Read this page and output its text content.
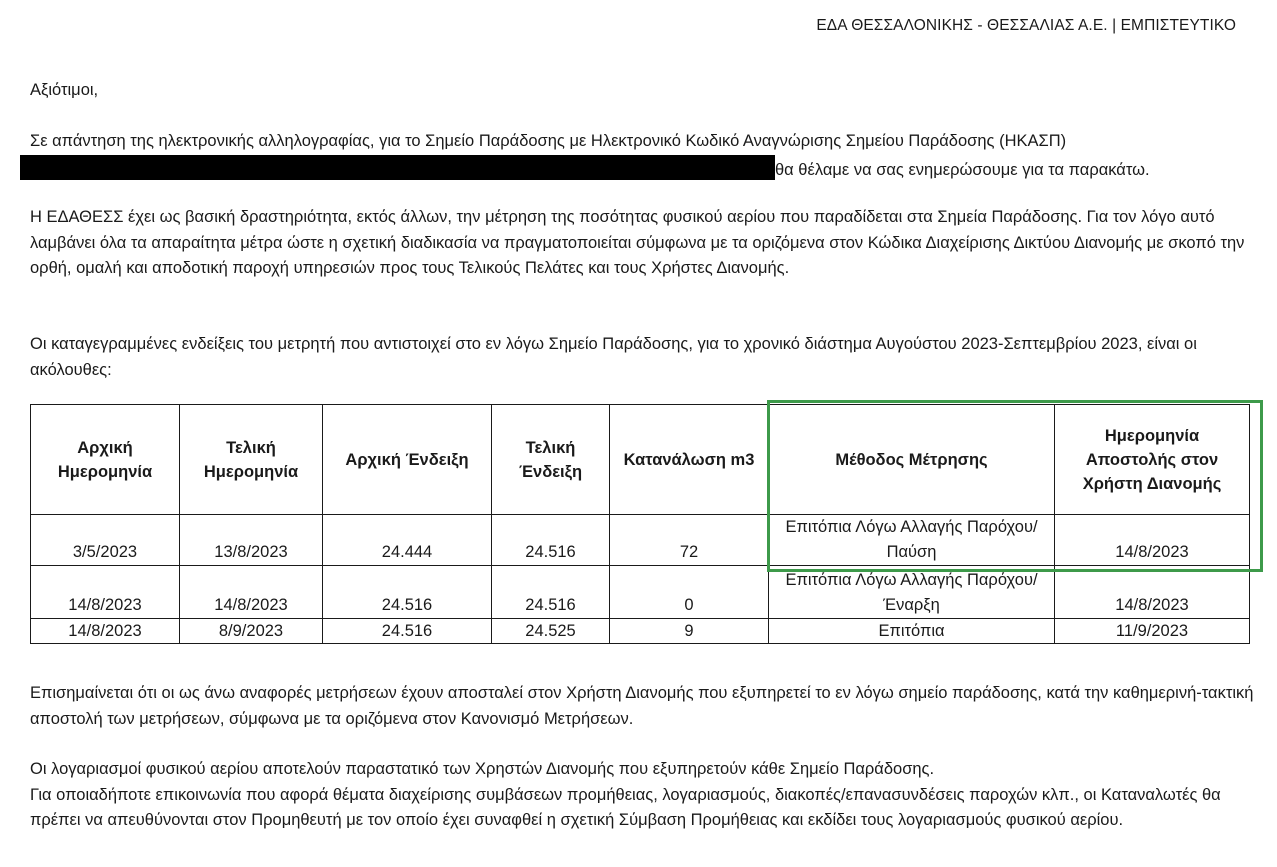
ΕΔΑ ΘΕΣΣΑΛΟΝΙΚΗΣ - ΘΕΣΣΑΛΙΑΣ Α.Ε. | ΕΜΠΙΣΤΕΥΤΙΚΟ

Αξιότιμοι,

Σε απάντηση της ηλεκτρονικής αλληλογραφίας, για το Σημείο Παράδοσης με Ηλεκτρονικό Κωδικό Αναγνώρισης Σημείου Παράδοσης (ΗΚΑΣΠ)
θα θέλαμε να σας ενημερώσουμε για τα παρακάτω.

Η ΕΔΑΘΕΣΣ έχει ως βασική δραστηριότητα, εκτός άλλων, την μέτρηση της ποσότητας φυσικού αερίου που παραδίδεται στα Σημεία Παράδοσης. Για τον λόγο αυτό λαμβάνει όλα τα απαραίτητα μέτρα ώστε η σχετική διαδικασία να πραγματοποιείται σύμφωνα με τα οριζόμενα στον Κώδικα Διαχείρισης Δικτύου Διανομής με σκοπό την ορθή, ομαλή και αποδοτική παροχή υπηρεσιών προς τους Τελικούς Πελάτες και τους Χρήστες Διανομής.

Οι καταγεγραμμένες ενδείξεις του μετρητή που αντιστοιχεί στο εν λόγω Σημείο Παράδοσης, για το χρονικό διάστημα Αυγούστου 2023-Σεπτεμβρίου 2023, είναι οι ακόλουθες:

Αρχική Ημερομηνία	Τελική Ημερομηνία	Αρχική Ένδειξη	Τελική Ένδειξη	Κατανάλωση m3	Μέθοδος Μέτρησης	Ημερομηνία Αποστολής στον Χρήστη Διανομής
3/5/2023	13/8/2023	24.444	24.516	72	Επιτόπια Λόγω Αλλαγής Παρόχου/ Παύση	14/8/2023
14/8/2023	14/8/2023	24.516	24.516	0	Επιτόπια Λόγω Αλλαγής Παρόχου/ Έναρξη	14/8/2023
14/8/2023	8/9/2023	24.516	24.525	9	Επιτόπια	11/9/2023

Επισημαίνεται ότι οι ως άνω αναφορές μετρήσεων έχουν αποσταλεί στον Χρήστη Διανομής που εξυπηρετεί το εν λόγω σημείο παράδοσης, κατά την καθημερινή-τακτική αποστολή των μετρήσεων, σύμφωνα με τα οριζόμενα στον Κανονισμό Μετρήσεων.

Οι λογαριασμοί φυσικού αερίου αποτελούν παραστατικό των Χρηστών Διανομής που εξυπηρετούν κάθε Σημείο Παράδοσης.
Για οποιαδήποτε επικοινωνία που αφορά θέματα διαχείρισης συμβάσεων προμήθειας, λογαριασμούς, διακοπές/επανασυνδέσεις παροχών κλπ., οι Καταναλωτές θα πρέπει να απευθύνονται στον Προμηθευτή με τον οποίο έχει συναφθεί η σχετική Σύμβαση Προμήθειας και εκδίδει τους λογαριασμούς φυσικού αερίου.
